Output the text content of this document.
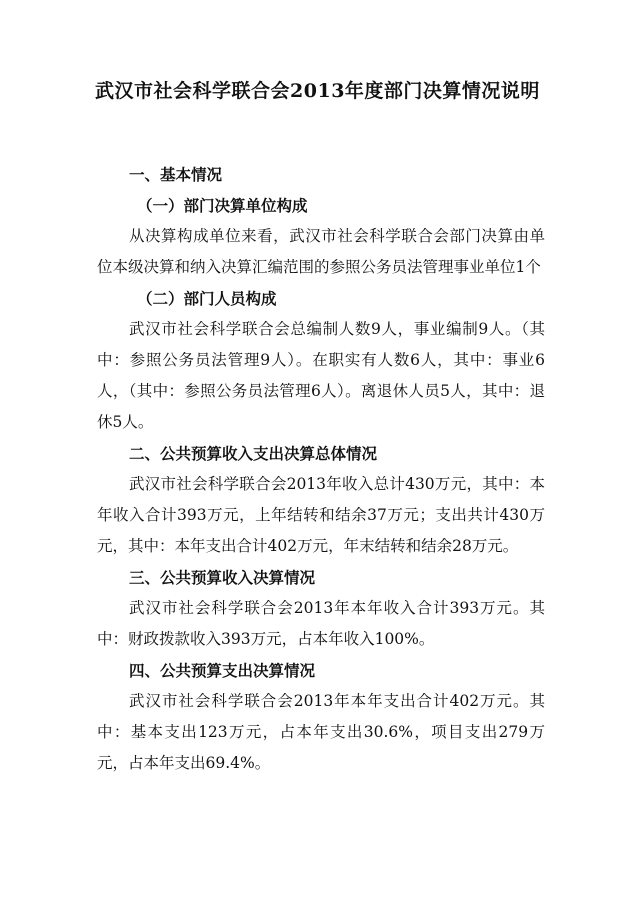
武汉市社会科学联合会2013年度部门决算情况说明

一、基本情况

（一）部门决算单位构成

从决算构成单位来看，武汉市社会科学联合会部门决算由单位本级决算和纳入决算汇编范围的参照公务员法管理事业单位1个

（二）部门人员构成

武汉市社会科学联合会总编制人数9人，事业编制9人。（其中：参照公务员法管理9人）。在职实有人数6人，其中：事业6人，（其中：参照公务员法管理6人）。离退休人员5人，其中：退休5人。

二、公共预算收入支出决算总体情况

武汉市社会科学联合会2013年收入总计430万元，其中：本年收入合计393万元，上年结转和结余37万元；支出共计430万元，其中：本年支出合计402万元，年末结转和结余28万元。

三、公共预算收入决算情况

武汉市社会科学联合会2013年本年收入合计393万元。其中：财政拨款收入393万元，占本年收入100%。

四、公共预算支出决算情况

武汉市社会科学联合会2013年本年支出合计402万元。其中：基本支出123万元，占本年支出30.6%，项目支出279万元，占本年支出69.4%。
